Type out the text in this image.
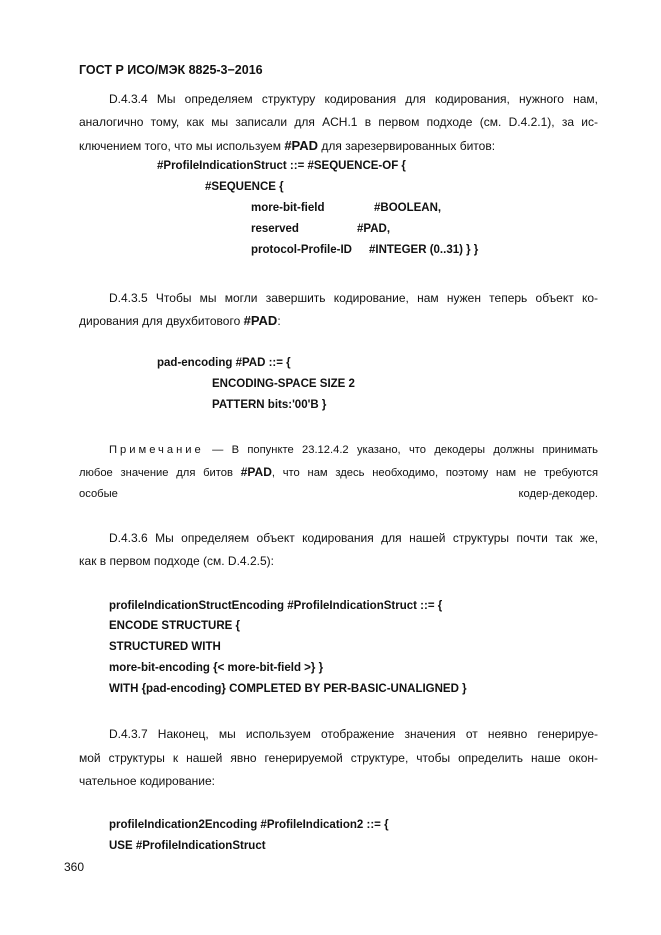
ГОСТ Р ИСО/МЭК 8825-3−2016
D.4.3.4 Мы определяем структуру кодирования для кодирования, нужного нам,
аналогично тому, как мы записали для ACH.1 в первом подходе (см. D.4.2.1), за ис-
ключением того, что мы используем #PAD для зарезервированных битов:
#ProfileIndicationStruct ::= #SEQUENCE-OF {
#SEQUENCE {
more-bit-field	#BOOLEAN,
reserved	#PAD,
protocol-Profile-ID #INTEGER (0..31) } }
D.4.3.5 Чтобы мы могли завершить кодирование, нам нужен теперь объект ко-
дирования для двухбитового #PAD:
pad-encoding #PAD ::= {
ENCODING-SPACE SIZE 2
PATTERN bits:'00'B }
Примечание — В попункте 23.12.4.2 указано, что декодеры должны принимать
любое значение для битов #PAD, что нам здесь необходимо, поэтому нам не требуются
особые кодер-декодер.
D.4.3.6 Мы определяем объект кодирования для нашей структуры почти так же,
как в первом подходе (см. D.4.2.5):
profileIndicationStructEncoding #ProfileIndicationStruct ::= {
ENCODE STRUCTURE {
STRUCTURED WITH
more-bit-encoding {< more-bit-field >} }
WITH {pad-encoding} COMPLETED BY PER-BASIC-UNALIGNED }
D.4.3.7 Наконец, мы используем отображение значения от неявно генерируе-
мой структуры к нашей явно генерируемой структуре, чтобы определить наше окон-
чательное кодирование:
profileIndication2Encoding #ProfileIndication2 ::= {
USE #ProfileIndicationStruct
360
